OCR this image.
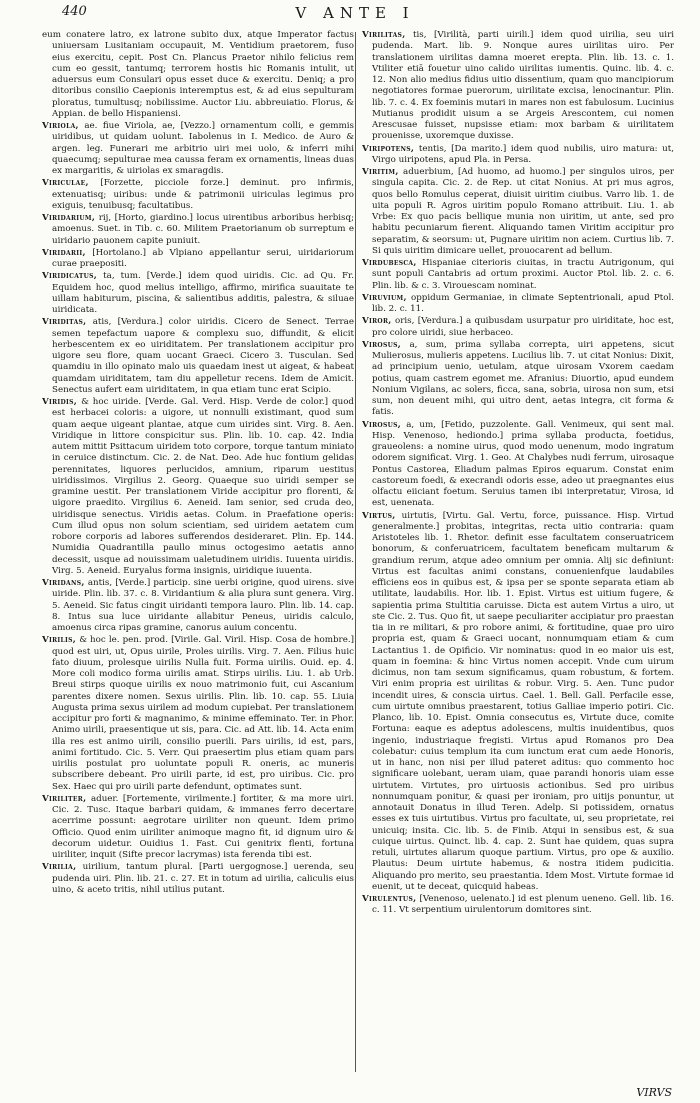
440	V ANTE I

eum conatere latro, ex latrone subito dux, atque Imperator factus uniuersam Lusitaniam occupauit, M. Ventidium praetorem, fuso eius exercitu, cepit. Post Cn. Plancus Praetor nihilo felicius rem cum eo gessit, tantumq; terrorem hostis hic Romanis intulit, ut aduersus eum Consulari opus esset duce & exercitu. Deniq; a pro ditoribus consilio Caepionis interemptus est, & ad eius sepulturam ploratus, tumultusq; nobilissime. Auctor Liu. abbreuiatio. Florus, & Appian. de bello Hispaniensi.

Viriola, ae. fiue Viriola, ae, [Vezzo.] ornamentum colli, e gemmis uiridibus, ut quidam uolunt. Iabolenus in I. Medico. de Auro & argen. leg. Funerari me arbitrio uiri mei uolo, & inferri mihi quaecumq; sepulturae mea caussa feram ex ornamentis, lineas duas ex margaritis, & uiriolas ex smaragdis.

Viriculae, [Forzette, picciole forze.] deminut. pro infirmis, extenuatisq; uiribus: unde & patrimonii uiriculas legimus pro exiguis, tenuibusq; facultatibus.

Viridarium, rij, [Horto, giardino.] locus uirentibus arboribus herbisq; amoenus. Suet. in Tib. c. 60. Militem Praetorianum ob surreptum e uiridario pauonem capite puniuit.

Viridarii, [Hortolano.] ab Vlpiano appellantur serui, uiridariorum curae praepositi.

Viridicatus, ta, tum. [Verde.] idem quod uiridis. Cic. ad Qu. Fr. Equidem hoc, quod melius intelligo, affirmo, mirifica suauitate te uillam habiturum, piscina, & salientibus additis, palestra, & siluae uiridicata.

Viriditas, atis, [Verdura.] color uiridis. Cicero de Senect. Terrae semen tepefactum uapore & complexu suo, diffundit, & elicit herbescentem ex eo uiriditatem. Per translationem accipitur pro uigore seu flore, quam uocant Graeci. Cicero 3. Tusculan. Sed quamdiu in illo opinato malo uis quaedam inest ut aigeat, & habeat quamdam uiriditatem, tam diu appelletur recens. Idem de Amicit. Senectus aufert eam uiriditatem, in qua etiam tunc erat Scipio.

Viridis, & hoc uiride. [Verde. Gal. Verd. Hisp. Verde de color.] quod est herbacei coloris: a uigore, ut nonnulli existimant, quod sum quam aeque uigeant plantae, atque cum uirides sint. Virg. 8. Aen. Viridique in littore conspicitur sus. Plin. lib. 10. cap. 42. India autem mittit Psittacum uiridem toto corpore, torque tantum miniato in ceruice distinctum. Cic. 2. de Nat. Deo. Ade huc fontium gelidas perennitates, liquores perlucidos, amnium, riparum uestitus uiridissimos. Virgilius 2. Georg. Quaeque suo uiridi semper se gramine uestit. Per translationem Viride accipitur pro florenti, & uigore praedito. Virgilius 6. Aeneid. Iam senior, sed cruda deo, uiridisque senectus. Viridis aetas. Colum. in Praefatione operis: Cum illud opus non solum scientiam, sed uiridem aetatem cum robore corporis ad labores sufferendos desideraret. Plin. Ep. 144. Numidia Quadrantilla paullo minus octogesimo aetatis anno decessit, usque ad nouissimam ualetudinem uiridis. Iuuenta uiridis. Virg. 5. Aeneid. Euryalus forma insignis, uiridique iuuenta.

Viridans, antis, [Verde.] particip. sine uerbi origine, quod uirens. sive uiride. Plin. lib. 37. c. 8. Viridantium & alia plura sunt genera. Virg. 5. Aeneid. Sic fatus cingit uiridanti tempora lauro. Plin. lib. 14. cap. 8. Intus sua luce uiridante allabitur Peneus, uiridis calculo, amoenus circa ripas gramine, canorus auium concentu.

Virilis, & hoc le. pen. prod. [Virile. Gal. Viril. Hisp. Cosa de hombre.] quod est uiri, ut, Opus uirile, Proles uirilis. Virg. 7. Aen. Filius huic fato diuum, prolesque uirilis Nulla fuit. Forma uirilis. Ouid. ep. 4. More coli modico forma uirilis amat. Stirps uirilis. Liu. 1. ab Urb. Breui stirps quoque uirilis ex nouo matrimonio fuit, cui Ascanium parentes dixere nomen. Sexus uirilis. Plin. lib. 10. cap. 55. Liuia Augusta prima sexus uirilem ad modum cupiebat. Per translationem accipitur pro forti & magnanimo, & minime effeminato. Ter. in Phor. Animo uirili, praesentique ut sis, para. Cic. ad Att. lib. 14. Acta enim illa res est animo uirili, consilio puerili. Pars uirilis, id est, pars, animi fortitudo. Cic. 5. Verr. Qui praesertim plus etiam quam pars uirilis postulat pro uoluntate populi R. oneris, ac muneris subscribere debeant. Pro uirili parte, id est, pro uiribus. Cic. pro Sex. Haec qui pro uirili parte defendunt, optimates sunt.

Viriliter, aduer. [Fortemente, virilmente.] fortiter, & ma more uiri. Cic. 2. Tusc. Itaque barbari quidam, & immanes ferro decertare acerrime possunt: aegrotare uiriliter non queunt. Idem primo Officio. Quod enim uiriliter animoque magno fit, id dignum uiro & decorum uidetur. Ouidius 1. Fast. Cui genitrix flenti, fortuna uiriliter, inquit (Sifte precor lacrymas) ista ferenda tibi est.

Virilia, uirilium, tantum plural. [Parti uergognose.] uerenda, seu pudenda uiri. Plin. lib. 21. c. 27. Et in totum ad uirilia, caliculis eius uino, & aceto tritis, nihil utilius putant.

Virilitas, tis, [Virilità, parti uirili.] idem quod uirilia, seu uiri pudenda. Mart. lib. 9. Nonque aures uirilitas uiro. Per translationem uirilitas damna moeret erepta. Plin. lib. 13. c. 1. Vtiliter etiā fouetur uino calido uirilitas iumentis. Quinc. lib. 4. c. 12. Non alio medius fidius uitio dissentium, quam quo mancipiorum negotiatores formae puerorum, uirilitate excisa, lenocinantur. Plin. lib. 7. c. 4. Ex foeminis mutari in mares non est fabulosum. Lucinius Mutianus prodidit uisum a se Argeis Arescontem, cui nomen Arescusae fuisset, nupsisse etiam: mox barbam & uirilitatem prouenisse, uxoremque duxisse.

Viripotens, tentis, [Da marito.] idem quod nubilis, uiro matura: ut, Virgo uiripotens, apud Pla. in Persa.

Viritim, aduerbium, [Ad huomo, ad huomo.] per singulos uiros, per singula capita. Cic. 2. de Rep. ut citat Nonius. At pri mus agros, quos bello Romulus ceperat, diuisit uiritim ciuibus. Varro lib. 1. de uita populi R. Agros uiritim populo Romano attribuit. Liu. 1. ab Vrbe: Ex quo pacis bellique munia non uiritim, ut ante, sed pro habitu pecuniarum fierent. Aliquando tamen Viritim accipitur pro separatim, & seorsum: ut, Pugnare uiritim non aciem. Curtius lib. 7. Si quis uiritim dimicare uellet, prouocarent ad bellum.

Virdubesca, Hispaniae citerioris ciuitas, in tractu Autrigonum, qui sunt populi Cantabris ad ortum proximi. Auctor Ptol. lib. 2. c. 6. Plin. lib. & c. 3. Virouescam nominat.

Viruvium, oppidum Germaniae, in climate Septentrionali, apud Ptol. lib. 2. c. 11.

Viror, oris, [Verdura.] a quibusdam usurpatur pro uiriditate, hoc est, pro colore uiridi, siue herbaceo.

Virosus, a, sum, prima syllaba correpta, uiri appetens, sicut Mulierosus, mulieris appetens. Lucilius lib. 7. ut citat Nonius: Dixit, ad principium uenio, uetulam, atque uirosam Vxorem caedam potius, quam castrem egomet me. Afranius: Diuortio, apud eundem Nonium Vigilans, ac solers, ficca, sana, sobria, uirosa non sum, etsi sum, non deuent mihi, qui uitro dent, aetas integra, cit forma & fatis.

Virosus, a, um, [Fetido, puzzolente. Gall. Venimeux, qui sent mal. Hisp. Venenoso, hediondo.] prima syllaba producta, foetidus, graueolens: a nomine uirus, quod modo uenenum, modo ingratum odorem significat. Virg. 1. Geo. At Chalybes nudi ferrum, uirosaque Pontus Castorea, Eliadum palmas Epiros equarum. Constat enim castoreum foedi, & execrandi odoris esse, adeo ut praegnantes eius olfactu eiiciant foetum. Seruius tamen ibi interpretatur, Virosa, id est, uenenata.

Virtus, uirtutis, [Virtu. Gal. Vertu, force, puissance. Hisp. Virtud generalmente.] probitas, integritas, recta uitio contraria: quam Aristoteles lib. 1. Rhetor. definit esse facultatem conseruatricem bonorum, & conferuatricem, facultatem beneficam multarum & grandium rerum, atque adeo omnium per omnia. Alij sic definiunt: Virtus est facultas animi constans, conuenienfque laudabiles efficiens eos in quibus est, & ipsa per se sponte separata etiam ab utilitate, laudabilis. Hor. lib. 1. Epist. Virtus est uitium fugere, & sapientia prima Stultitia caruisse. Dicta est autem Virtus a uiro, ut ste Cic. 2. Tus. Quo fit, ut saepe peculiariter accipiatur pro praestan tia in re militari, & pro robore animi, & fortitudine, quae pro uiro propria est, quam & Graeci uocant, nonnumquam etiam & cum Lactantius 1. de Opificio. Vir nominatus: quod in eo maior uis est, quam in foemina: & hinc Virtus nomen accepit. Vnde cum uirum dicimus, non tam sexum significamus, quam robustum, & fortem. Viri enim propria est uirilitas & robur. Virg. 5. Aen. Tunc pudor incendit uires, & conscia uirtus. Cael. 1. Bell. Gall. Perfacile esse, cum uirtute omnibus praestarent, totius Galliae imperio potiri. Cic. Planco, lib. 10. Epist. Omnia consecutus es, Virtute duce, comite Fortuna: eaque es adeptus adolescens, multis inuidentibus, quos ingenio, industriaque fregisti. Virtus apud Romanos pro Dea colebatur: cuius templum ita cum iunctum erat cum aede Honoris, ut in hanc, non nisi per illud pateret aditus: quo commento hoc significare uolebant, ueram uiam, quae parandi honoris uiam esse uirtutem. Virtutes, pro uirtuosis actionibus. Sed pro uiribus nonnumquam ponitur, & quasi per ironiam, pro uitijs ponuntur, ut annotauit Donatus in illud Teren. Adelp. Si potissidem, ornatus esses ex tuis uirtutibus. Virtus pro facultate, ui, seu proprietate, rei unicuiq; insita. Cic. lib. 5. de Finib. Atqui in sensibus est, & sua cuique uirtus. Quinct. lib. 4. cap. 2. Sunt hae quidem, quas supra retuli, uirtutes aliarum quoque partium. Virtus, pro ope & auxilio. Plautus: Deum uirtute habemus, & nostra itidem pudicitia. Aliquando pro merito, seu praestantia. Idem Most. Virtute formae id euenit, ut te deceat, quicquid habeas.

Virulentus, [Venenoso, uelenato.] id est plenum ueneno. Gell. lib. 16. c. 11. Vt serpentium uirulentorum domitores sint.

VIRVS
